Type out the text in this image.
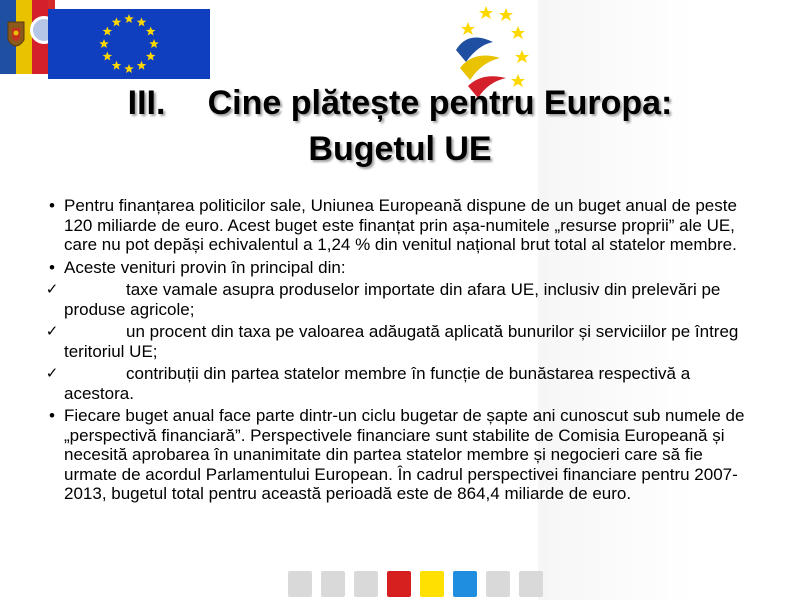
III. Cine plătește pentru Europa:
Bugetul UE
• Pentru finanțarea politicilor sale, Uniunea Europeană dispune de un buget anual de peste 120 miliarde de euro. Acest buget este finanțat prin așa-numitele „resurse proprii” ale UE, care nu pot depăși echivalentul a 1,24 % din venitul național brut total al statelor membre.
• Aceste venituri provin în principal din:
✓	taxe vamale asupra produselor importate din afara UE, inclusiv din prelevări pe produse agricole;
✓	un procent din taxa pe valoarea adăugată aplicată bunurilor și serviciilor pe întreg teritoriul UE;
✓	contribuții din partea statelor membre în funcție de bunăstarea respectivă a acestora.
• Fiecare buget anual face parte dintr-un ciclu bugetar de șapte ani cunoscut sub numele de „perspectivă financiară”. Perspectivele financiare sunt stabilite de Comisia Europeană și necesită aprobarea în unanimitate din partea statelor membre și negocieri care să fie urmate de acordul Parlamentului European. În cadrul perspectivei financiare pentru 2007-2013, bugetul total pentru această perioadă este de 864,4 miliarde de euro.
